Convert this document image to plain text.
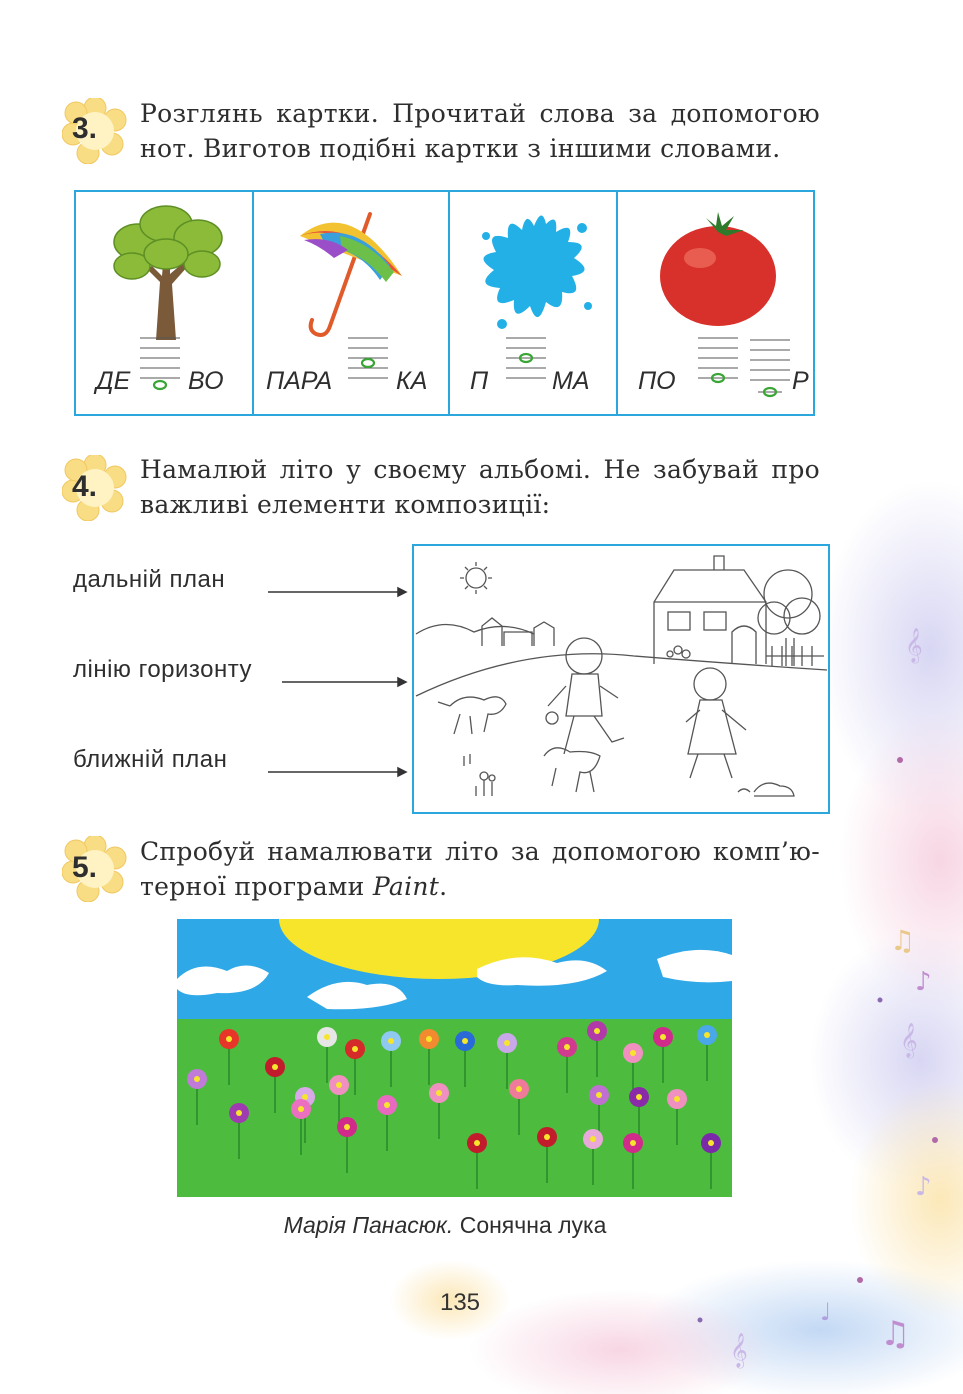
𝄞
♫
♪
𝄞
♪
♫
𝄞
♩
3. Розглянь картки. Прочитай слова за допомогою
нот. Виготов подібні картки з іншими словами.
ДЕ ВО ПАРА	КА П	МА ПО	Р
4.
Намалюй літо у своєму альбомі. Не забувай про
важливі елементи композиції:
дальній план
лінію горизонту
ближній план
5. Спробуй намалювати літо за допомогою комп’ю-
терної програми Paint.
Марія Панасюк. Сонячна лука
135
